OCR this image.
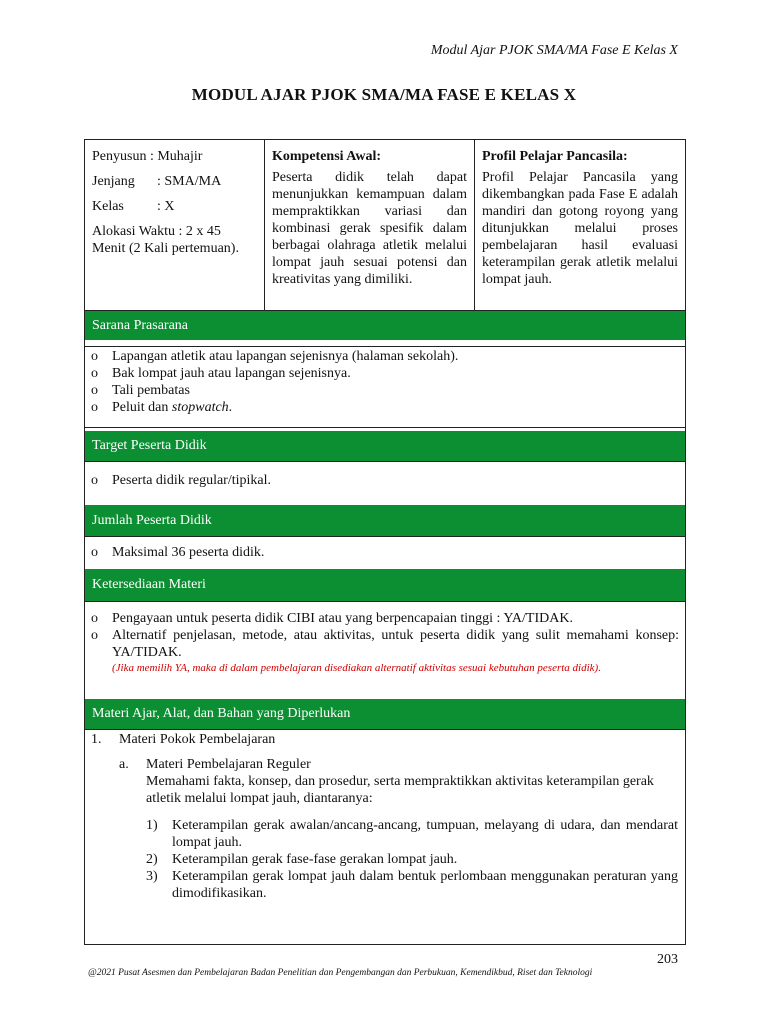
Modul Ajar PJOK SMA/MA Fase E Kelas X
MODUL AJAR PJOK SMA/MA FASE E KELAS X
Penyusun : Muhajir
Jenjang	: SMA/MA
Kelas	: X
Alokasi Waktu : 2 x 45 Menit (2 Kali pertemuan).
Kompetensi Awal:
Peserta didik telah dapat menunjukkan kemampuan dalam mempraktikkan variasi dan kombinasi gerak spesifik dalam berbagai olahraga atletik melalui lompat jauh sesuai potensi dan kreativitas yang dimiliki.
Profil Pelajar Pancasila:
Profil Pelajar Pancasila yang dikembangkan pada Fase E adalah mandiri dan gotong royong yang ditunjukkan melalui proses pembelajaran hasil evaluasi keterampilan gerak atletik melalui lompat jauh.
Sarana Prasarana
o	Lapangan atletik atau lapangan sejenisnya (halaman sekolah).
o	Bak lompat jauh atau lapangan sejenisnya.
o	Tali pembatas
o	Peluit dan stopwatch.
Target Peserta Didik
o	Peserta didik regular/tipikal.
Jumlah Peserta Didik
o	Maksimal 36 peserta didik.
Ketersediaan Materi
o	Pengayaan untuk peserta didik CIBI atau yang berpencapaian tinggi : YA/TIDAK.
o	Alternatif penjelasan, metode, atau aktivitas, untuk peserta didik yang sulit memahami konsep: YA/TIDAK.
(Jika memilih YA, maka di dalam pembelajaran disediakan alternatif aktivitas sesuai kebutuhan peserta didik).
Materi Ajar, Alat, dan Bahan yang Diperlukan
1.	Materi Pokok Pembelajaran
a.	Materi Pembelajaran Reguler
Memahami fakta, konsep, dan prosedur, serta mempraktikkan aktivitas keterampilan gerak atletik melalui lompat jauh, diantaranya:
1)	Keterampilan gerak awalan/ancang-ancang, tumpuan, melayang di udara, dan mendarat lompat jauh.
2)	Keterampilan gerak fase-fase gerakan lompat jauh.
3)	Keterampilan gerak lompat jauh dalam bentuk perlombaan menggunakan peraturan yang dimodifikasikan.
203
@2021 Pusat Asesmen dan Pembelajaran Badan Penelitian dan Pengembangan dan Perbukuan, Kemendikbud, Riset dan Teknologi
